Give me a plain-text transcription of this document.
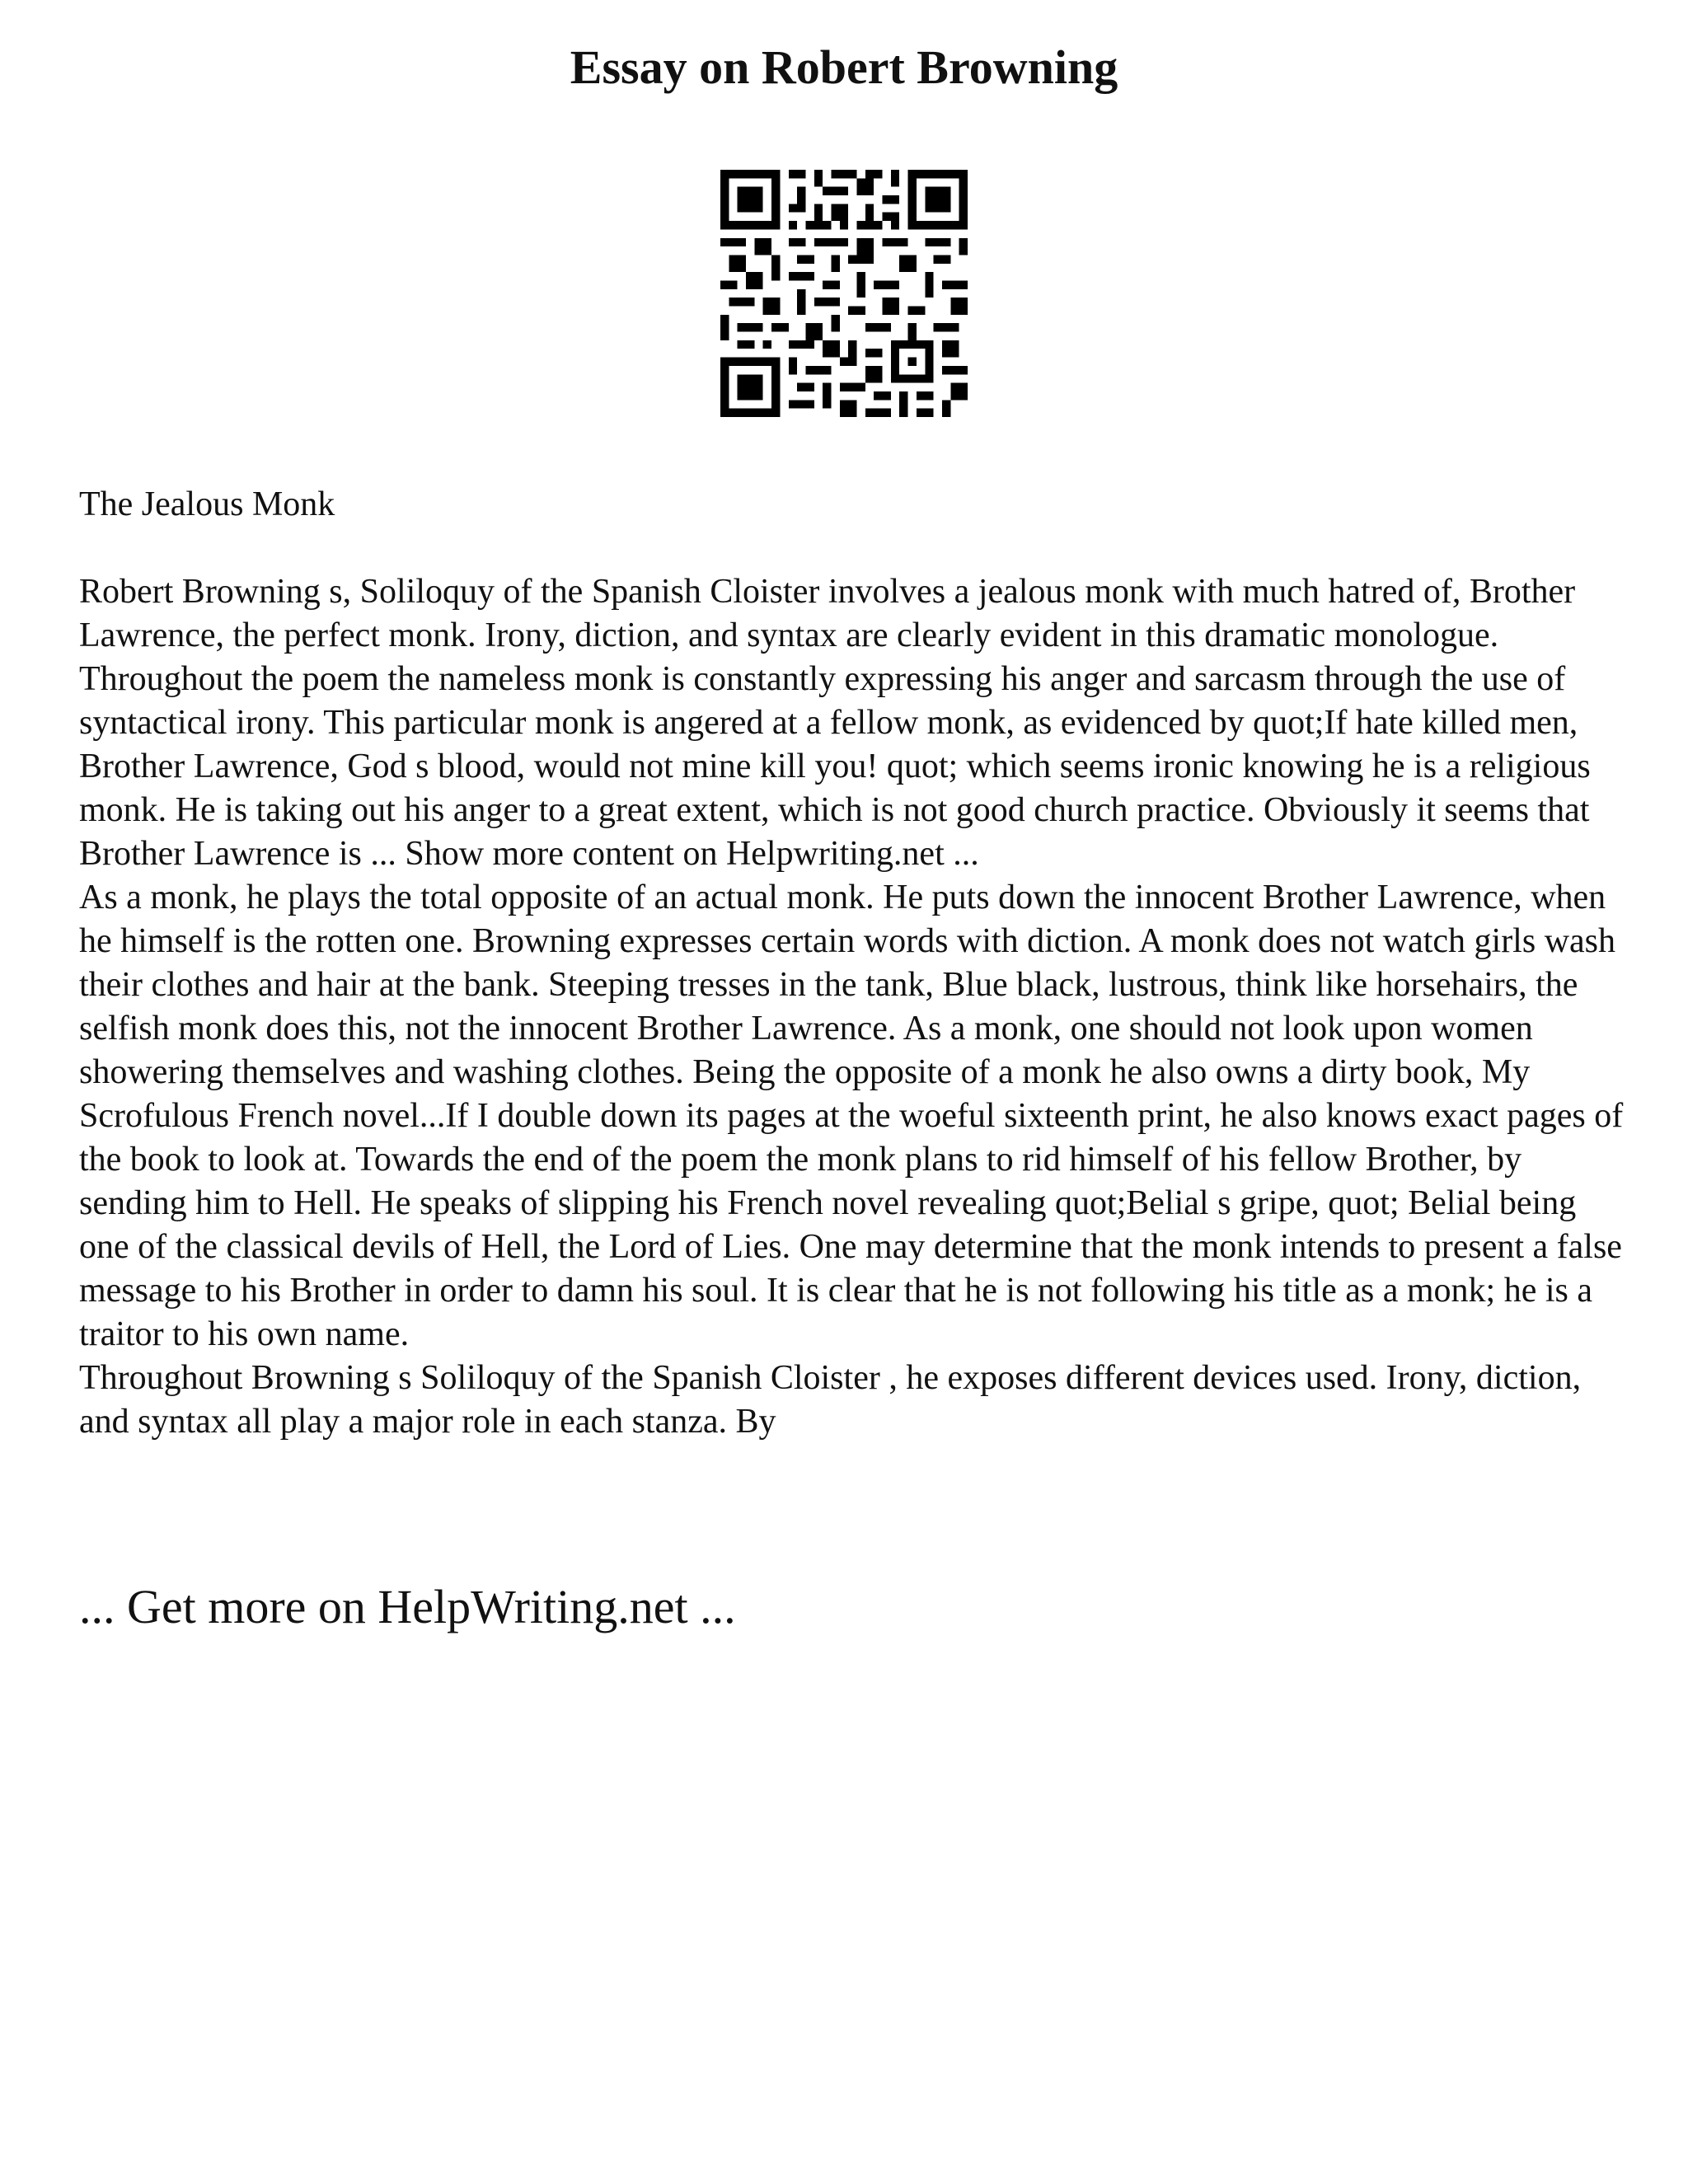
Essay on Robert Browning

The Jealous Monk

Robert Browning s, Soliloquy of the Spanish Cloister involves a jealous monk with much hatred of, Brother Lawrence, the perfect monk. Irony, diction, and syntax are clearly evident in this dramatic monologue.

Throughout the poem the nameless monk is constantly expressing his anger and sarcasm through the use of syntactical irony. This particular monk is angered at a fellow monk, as evidenced by quot;If hate killed men, Brother Lawrence, God s blood, would not mine kill you! quot; which seems ironic knowing he is a religious monk. He is taking out his anger to a great extent, which is not good church practice. Obviously it seems that Brother Lawrence is ... Show more content on Helpwriting.net ...

As a monk, he plays the total opposite of an actual monk. He puts down the innocent Brother Lawrence, when he himself is the rotten one. Browning expresses certain words with diction. A monk does not watch girls wash their clothes and hair at the bank. Steeping tresses in the tank, Blue black, lustrous, think like horsehairs, the selfish monk does this, not the innocent Brother Lawrence. As a monk, one should not look upon women showering themselves and washing clothes. Being the opposite of a monk he also owns a dirty book, My Scrofulous French novel...If I double down its pages at the woeful sixteenth print, he also knows exact pages of the book to look at. Towards the end of the poem the monk plans to rid himself of his fellow Brother, by sending him to Hell. He speaks of slipping his French novel revealing quot;Belial s gripe, quot; Belial being one of the classical devils of Hell, the Lord of Lies. One may determine that the monk intends to present a false message to his Brother in order to damn his soul. It is clear that he is not following his title as a monk; he is a traitor to his own name.

Throughout Browning s Soliloquy of the Spanish Cloister , he exposes different devices used. Irony, diction, and syntax all play a major role in each stanza. By

... Get more on HelpWriting.net ...
